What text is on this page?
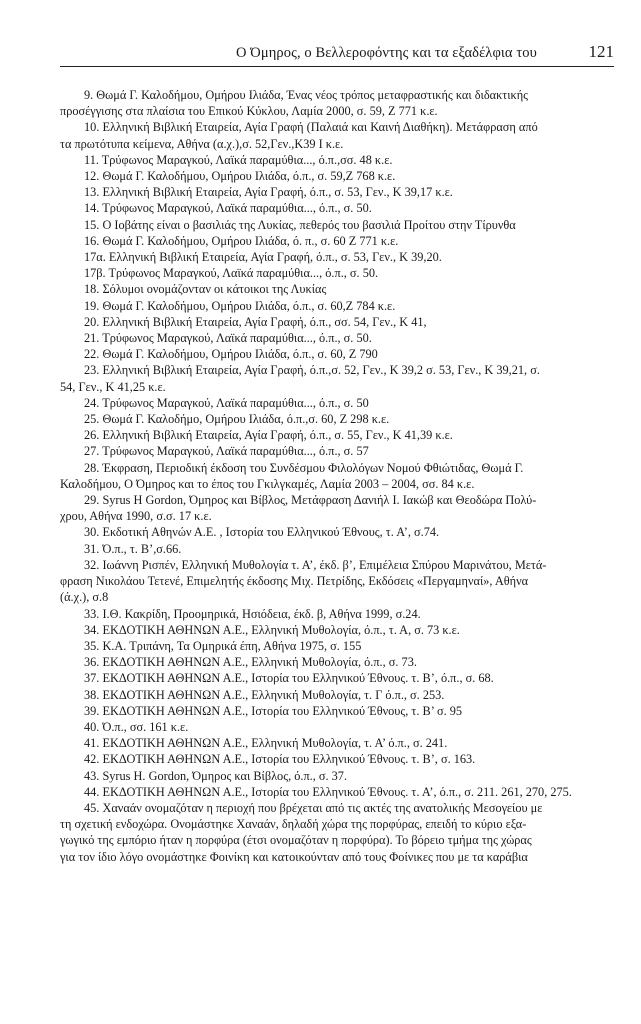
Ο Όμηρος, ο Βελλεροφόντης και τα εξαδέλφια του	121
9. Θωμά Γ. Καλοδήμου, Ομήρου Ιλιάδα, Ένας νέος τρόπος μεταφραστικής και διδακτικής
προσέγγισης στα πλαίσια του Επικού Κύκλου, Λαμία 2000, σ. 59, Ζ 771 κ.ε.
10. Ελληνική Βιβλική Εταιρεία, Αγία Γραφή (Παλαιά και Καινή Διαθήκη). Μετάφραση από
τα πρωτότυπα κείμενα, Αθήνα (α.χ.),σ. 52,Γεν.,Κ39 Ι κ.ε.
11. Τρύφωνος Μαραγκού, Λαϊκά παραμύθια..., ό.π.,σσ. 48 κ.ε.
12. Θωμά Γ. Καλοδήμου, Ομήρου Ιλιάδα, ό.π., σ. 59,Ζ 768 κ.ε.
13. Ελληνική Βιβλική Εταιρεία, Αγία Γραφή, ό.π., σ. 53, Γεν., Κ 39,17 κ.ε.
14. Τρύφωνος Μαραγκού, Λαϊκά παραμύθια..., ό.π., σ. 50.
15. Ο Ιοβάτης είναι ο βασιλιάς της Λυκίας, πεθερός του βασιλιά Προίτου στην Τίρυνθα
16. Θωμά Γ. Καλοδήμου, Ομήρου Ιλιάδα, ό. π., σ. 60 Ζ 771 κ.ε.
17α. Ελληνική Βιβλική Εταιρεία, Αγία Γραφή, ό.π., σ. 53, Γεν., Κ 39,20.
17β. Τρύφωνος Μαραγκού, Λαϊκά παραμύθια..., ό.π., σ. 50.
18. Σόλυμοι ονομάζονταν οι κάτοικοι της Λυκίας
19. Θωμά Γ. Καλοδήμου, Ομήρου Ιλιάδα, ό.π., σ. 60,Ζ 784 κ.ε.
20. Ελληνική Βιβλική Εταιρεία, Αγία Γραφή, ό.π., σσ. 54, Γεν., Κ 41,
21. Τρύφωνος Μαραγκού, Λαϊκά παραμύθια..., ό.π., σ. 50.
22. Θωμά Γ. Καλοδήμου, Ομήρου Ιλιάδα, ό.π., σ. 60, Ζ 790
23. Ελληνική Βιβλική Εταιρεία, Αγία Γραφή, ό.π.,σ. 52, Γεν., Κ 39,2 σ. 53, Γεν., Κ 39,21, σ.
54, Γεν., Κ 41,25 κ.ε.
24. Τρύφωνος Μαραγκού, Λαϊκά παραμύθια..., ό.π., σ. 50
25. Θωμά Γ. Καλοδήμο, Ομήρου Ιλιάδα, ό.π.,σ. 60, Ζ 298 κ.ε.
26. Ελληνική Βιβλική Εταιρεία, Αγία Γραφή, ό.π., σ. 55, Γεν., Κ 41,39 κ.ε.
27. Τρύφωνος Μαραγκού, Λαϊκά παραμύθια..., ό.π., σ. 57
28. Έκφραση, Περιοδική έκδοση του Συνδέσμου Φιλολόγων Νομού Φθιώτιδας, Θωμά Γ.
Καλοδήμου, Ο Όμηρος και το έπος του Γκιλγκαμές, Λαμία 2003 – 2004, σσ. 84 κ.ε.
29. Syrus H Gordon, Όμηρος και Βίβλος, Μετάφραση Δανιήλ Ι. Ιακώβ και Θεοδώρα Πολύ-
χρου, Αθήνα 1990, σ.σ. 17 κ.ε.
30. Εκδοτική Αθηνών Α.Ε. , Ιστορία του Ελληνικού Έθνους, τ. Α’, σ.74.
31. Ό.π., τ. Β’,σ.66.
32. Ιωάννη Ρισπέν, Ελληνική Μυθολογία τ. Α’, έκδ. β’, Επιμέλεια Σπύρου Μαρινάτου, Μετά-
φραση Νικολάου Τετενέ, Επιμελητής έκδοσης Μιχ. Πετρίδης, Εκδόσεις «Περγαμηναί», Αθήνα
(ά.χ.), σ.8
33. Ι.Θ. Κακρίδη, Προομηρικά, Ησιόδεια, έκδ. β, Αθήνα 1999, σ.24.
34. ΕΚΔΟΤΙΚΗ ΑΘΗΝΩΝ Α.Ε., Ελληνική Μυθολογία, ό.π., τ. Α, σ. 73 κ.ε.
35. Κ.Α. Τριπάνη, Τα Ομηρικά έπη, Αθήνα 1975, σ. 155
36. ΕΚΔΟΤΙΚΗ ΑΘΗΝΩΝ Α.Ε., Ελληνική Μυθολογία, ό.π., σ. 73.
37. ΕΚΔΟΤΙΚΗ ΑΘΗΝΩΝ Α.Ε., Ιστορία του Ελληνικού Έθνους. τ. Β’, ό.π., σ. 68.
38. ΕΚΔΟΤΙΚΗ ΑΘΗΝΩΝ Α.Ε., Ελληνική Μυθολογία, τ. Γ ό.π., σ. 253.
39. ΕΚΔΟΤΙΚΗ ΑΘΗΝΩΝ Α.Ε., Ιστορία του Ελληνικού Έθνους, τ. Β’ σ. 95
40. Ό.π., σσ. 161 κ.ε.
41. ΕΚΔΟΤΙΚΗ ΑΘΗΝΩΝ Α.Ε., Ελληνική Μυθολογία, τ. Α’ ό.π., σ. 241.
42. ΕΚΔΟΤΙΚΗ ΑΘΗΝΩΝ Α.Ε., Ιστορία του Ελληνικού Έθνους. τ. Β’, σ. 163.
43. Syrus H. Gordon, Όμηρος και Βίβλος, ό.π., σ. 37.
44. ΕΚΔΟΤΙΚΗ ΑΘΗΝΩΝ Α.Ε., Ιστορία του Ελληνικού Έθνους. τ. Α’, ό.π., σ. 211. 261, 270, 275.
45. Χαναάν ονομαζόταν η περιοχή που βρέχεται από τις ακτές της ανατολικής Μεσογείου με
τη σχετική ενδοχώρα. Ονομάστηκε Χαναάν, δηλαδή χώρα της πορφύρας, επειδή το κύριο εξα-
γωγικό της εμπόριο ήταν η πορφύρα (έτσι ονομαζόταν η πορφύρα). Το βόρειο τμήμα της χώρας
για τον ίδιο λόγο ονομάστηκε Φοινίκη και κατοικούνταν από τους Φοίνικες που με τα καράβια
